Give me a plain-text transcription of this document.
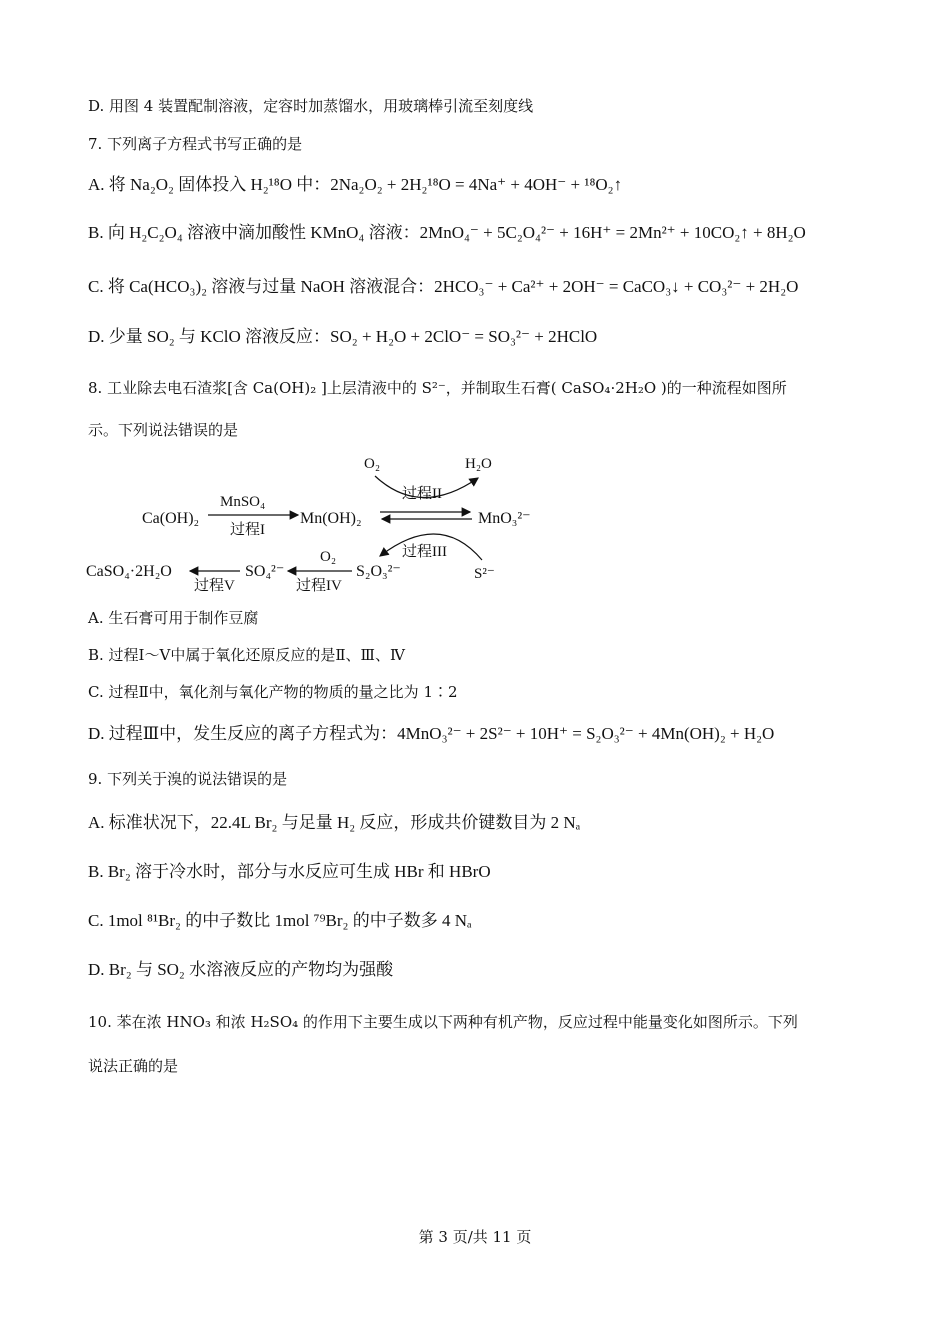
D. 用图 4 装置配制溶液，定容时加蒸馏水，用玻璃棒引流至刻度线
7. 下列离子方程式书写正确的是
A. 将 Na₂O₂ 固体投入 H₂¹⁸O 中：2Na₂O₂ + 2H₂¹⁸O = 4Na⁺ + 4OH⁻ + ¹⁸O₂↑
B. 向 H₂C₂O₄ 溶液中滴加酸性 KMnO₄ 溶液：2MnO₄⁻ + 5C₂O₄²⁻ + 16H⁺ = 2Mn²⁺ + 10CO₂↑ + 8H₂O
C. 将 Ca(HCO₃)₂ 溶液与过量 NaOH 溶液混合：2HCO₃⁻ + Ca²⁺ + 2OH⁻ = CaCO₃↓ + CO₃²⁻ + 2H₂O
D. 少量 SO₂ 与 KClO 溶液反应：SO₂ + H₂O + 2ClO⁻ = SO₃²⁻ + 2HClO
8. 工业除去电石渣浆[含 Ca(OH)₂ ]上层清液中的 S²⁻，并制取生石膏( CaSO₄·2H₂O )的一种流程如图所
示。下列说法错误的是
Ca(OH)₂
MnSO₄
过程I
Mn(OH)₂	MnO₃²⁻
O₂	H₂O
过程II
过程III
S²⁻
S₂O₃²⁻
O₂
过程IV
SO₄²⁻
过程V
CaSO₄·2H₂O
A. 生石膏可用于制作豆腐
B. 过程Ⅰ～Ⅴ中属于氧化还原反应的是Ⅱ、Ⅲ、Ⅳ
C. 过程Ⅱ中，氧化剂与氧化产物的物质的量之比为 1∶2
D. 过程Ⅲ中，发生反应的离子方程式为：4MnO₃²⁻ + 2S²⁻ + 10H⁺ = S₂O₃²⁻ + 4Mn(OH)₂ + H₂O
9. 下列关于溴的说法错误的是
A. 标准状况下，22.4L Br₂ 与足量 H₂ 反应，形成共价键数目为 2 Nₐ
B. Br₂ 溶于冷水时，部分与水反应可生成 HBr 和 HBrO
C. 1mol ⁸¹Br₂ 的中子数比 1mol ⁷⁹Br₂ 的中子数多 4 Nₐ
D. Br₂ 与 SO₂ 水溶液反应的产物均为强酸
10. 苯在浓 HNO₃ 和浓 H₂SO₄ 的作用下主要生成以下两种有机产物，反应过程中能量变化如图所示。下列
说法正确的是
第 3 页/共 11 页
